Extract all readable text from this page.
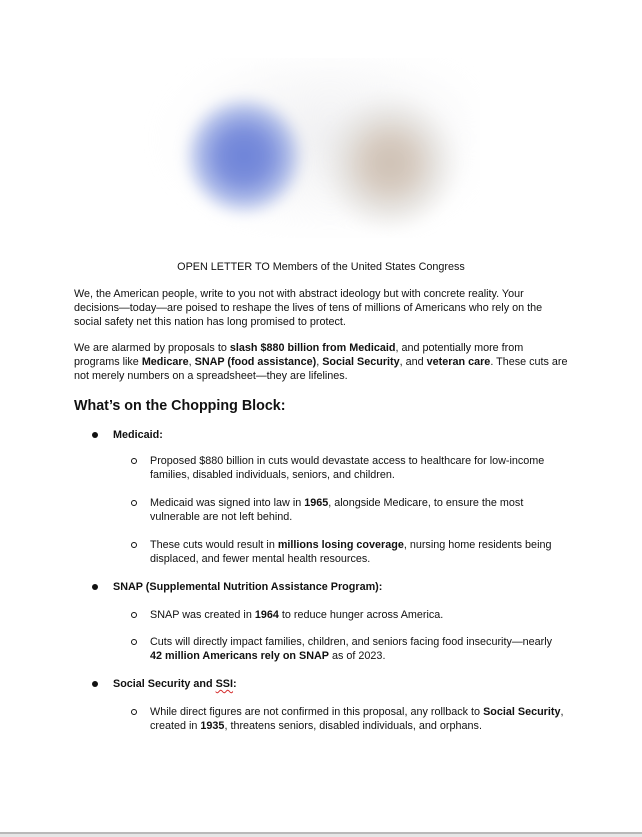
OPEN LETTER TO Members of the United States Congress

We, the American people, write to you not with abstract ideology but with concrete reality. Your decisions—today—are poised to reshape the lives of tens of millions of Americans who rely on the social safety net this nation has long promised to protect.

We are alarmed by proposals to slash $880 billion from Medicaid, and potentially more from programs like Medicare, SNAP (food assistance), Social Security, and veteran care. These cuts are not merely numbers on a spreadsheet—they are lifelines.

What’s on the Chopping Block:
Medicaid:

Proposed $880 billion in cuts would devastate access to healthcare for low-income families, disabled individuals, seniors, and children.

Medicaid was signed into law in 1965, alongside Medicare, to ensure the most vulnerable are not left behind.

These cuts would result in millions losing coverage, nursing home residents being displaced, and fewer mental health resources.

SNAP (Supplemental Nutrition Assistance Program):

SNAP was created in 1964 to reduce hunger across America.

Cuts will directly impact families, children, and seniors facing food insecurity—nearly 42 million Americans rely on SNAP as of 2023.

Social Security and SSI:

While direct figures are not confirmed in this proposal, any rollback to Social Security, created in 1935, threatens seniors, disabled individuals, and orphans.
